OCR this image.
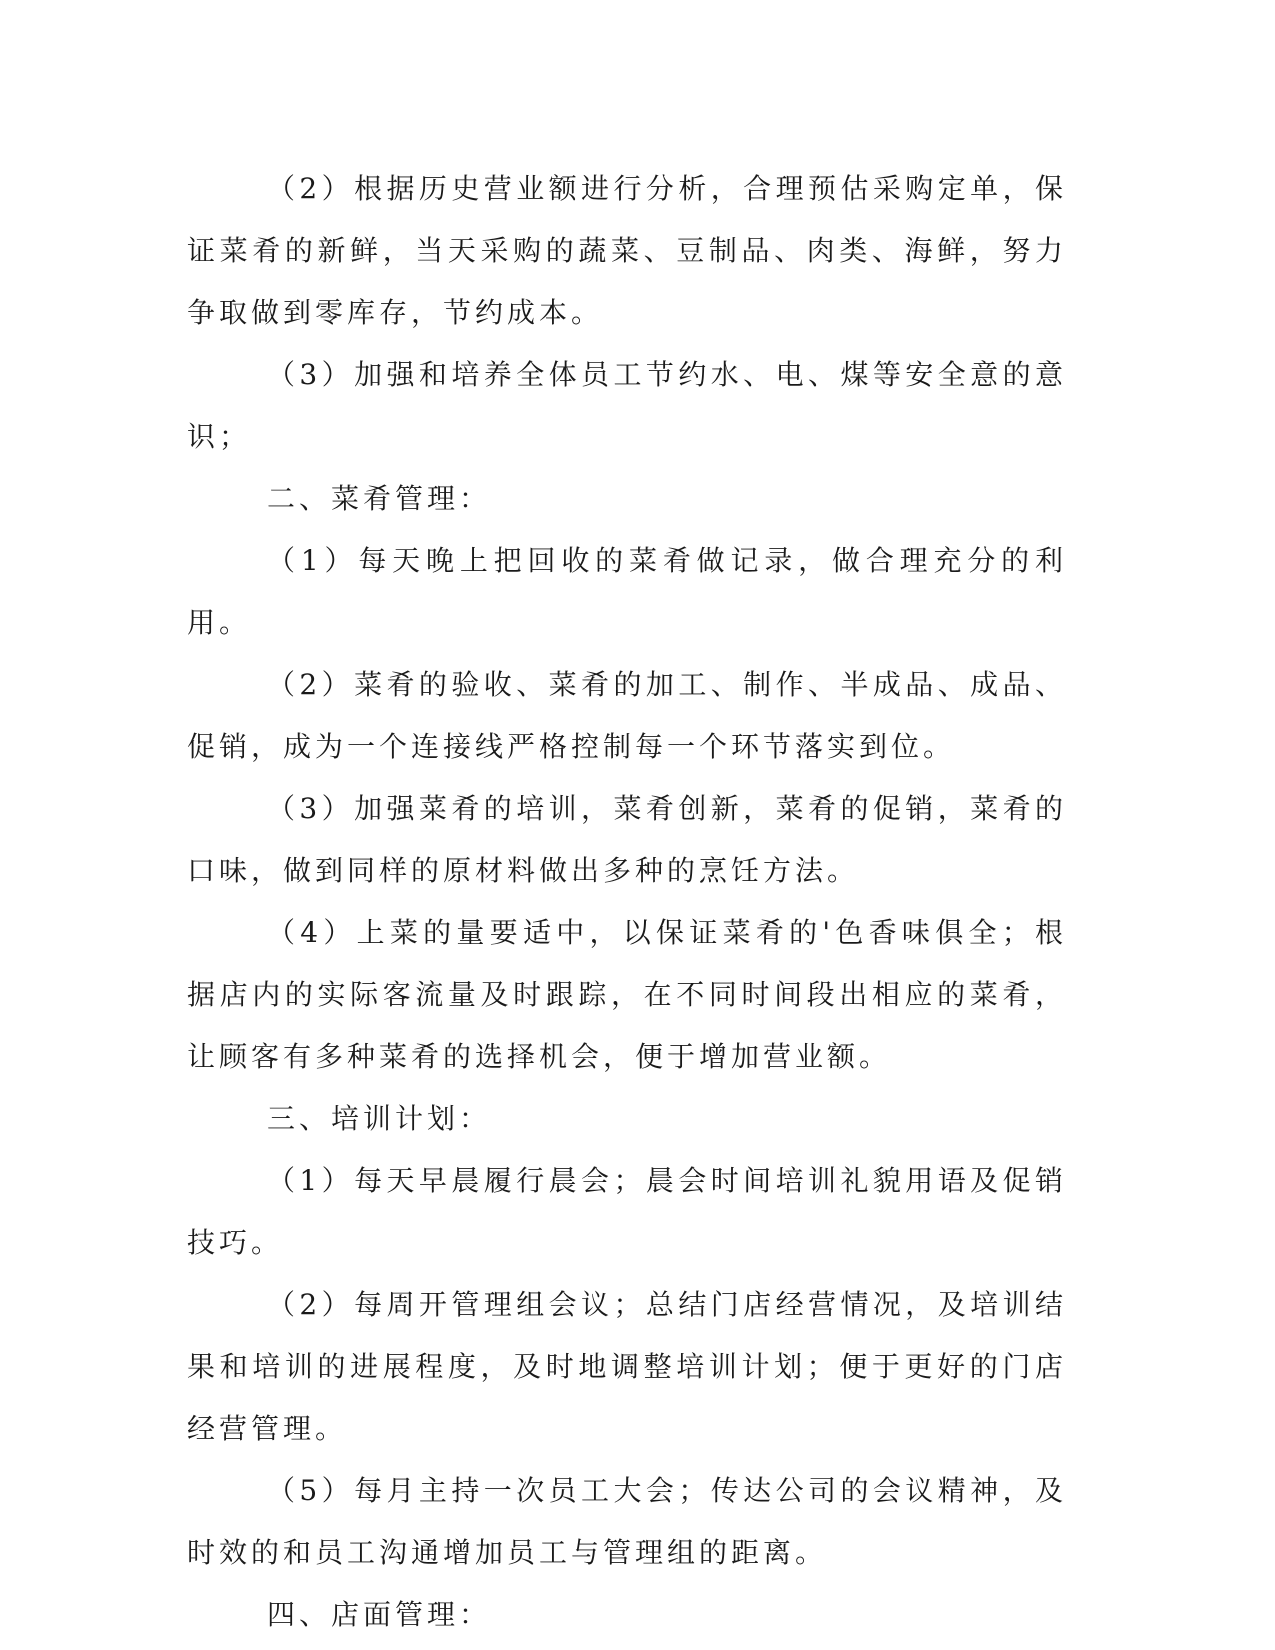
（2）根据历史营业额进行分析，合理预估采购定单，保证菜肴的新鲜，当天采购的蔬菜、豆制品、肉类、海鲜，努力争取做到零库存，节约成本。

（3）加强和培养全体员工节约水、电、煤等安全意的意识；

二、菜肴管理：

（1）每天晚上把回收的菜肴做记录，做合理充分的利用。

（2）菜肴的验收、菜肴的加工、制作、半成品、成品、促销，成为一个连接线严格控制每一个环节落实到位。

（3）加强菜肴的培训，菜肴创新，菜肴的促销，菜肴的口味，做到同样的原材料做出多种的烹饪方法。

（4）上菜的量要适中，以保证菜肴的'色香味俱全；根据店内的实际客流量及时跟踪，在不同时间段出相应的菜肴，让顾客有多种菜肴的选择机会，便于增加营业额。

三、培训计划：

（1）每天早晨履行晨会；晨会时间培训礼貌用语及促销技巧。

（2）每周开管理组会议；总结门店经营情况，及培训结果和培训的进展程度，及时地调整培训计划；便于更好的门店经营管理。

（5）每月主持一次员工大会；传达公司的会议精神，及时效的和员工沟通增加员工与管理组的距离。

四、店面管理：
